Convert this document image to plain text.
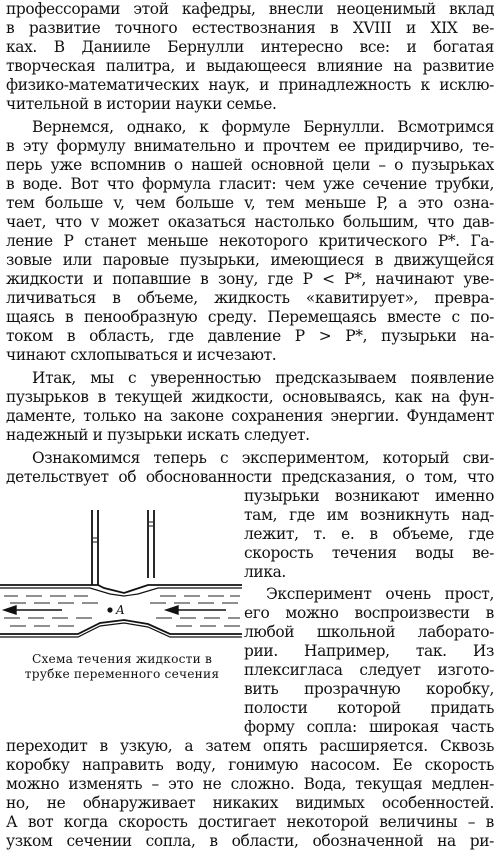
профессорами этой кафедры, внесли неоценимый вклад
в развитие точного естествознания в XVIII и XIX ве-
ках. В Даниилe Бернулли интересно все: и богатая
творческая палитра, и выдающееся влияние на развитие
физико-математических наук, и принадлежность к исклю-
чительной в истории науки семье.
Вернемся, однако, к формуле Бернулли. Всмотримся
в эту формулу внимательно и прочтем ее придирчиво, те-
перь уже вспомнив о нашей основной цели – о пузырьках
в воде. Вот что формула гласит: чем уже сечение трубки,
тем больше v, чем больше v, тем меньше P, а это озна-
чает, что v может оказаться настолько большим, что дав-
ление P станет меньше некоторого критического P*. Га-
зовые или паровые пузырьки, имеющиеся в движущейся
жидкости и попавшие в зону, где P < P*, начинают уве-
личиваться в объеме, жидкость «кавитирует», превра-
щаясь в пенообразную среду. Перемещаясь вместе с по-
током в область, где давление P > P*, пузырьки на-
чинают схлопываться и исчезают.
Итак, мы с уверенностью предсказываем появление
пузырьков в текущей жидкости, основываясь, как на фун-
даменте, только на законе сохранения энергии. Фундамент
надежный и пузырьки искать следует.
Ознакомимся теперь с экспериментом, который сви-
детельствует об обоснованности предсказания, о том, что
пузырьки возникают именно
там, где им возникнуть над-
лежит, т. е. в объеме, где
скорость течения воды ве-
лика.
Эксперимент очень прост,
его можно воспроизвести в
любой школьной лаборато-
рии. Например, так. Из
плексигласа следует изгото-
вить прозрачную коробку,
полости которой придать
форму сопла: широкая часть
переходит в узкую, а затем опять расширяется. Сквозь
коробку направить воду, гонимую насосом. Ее скорость
можно изменять – это не сложно. Вода, текущая медлен-
но, не обнаруживает никаких видимых особенностей.
А вот когда скорость достигает некоторой величины – в
узком сечении сопла, в области, обозначенной на ри-
A
Схема течения жидкости в
трубке переменного сечения
